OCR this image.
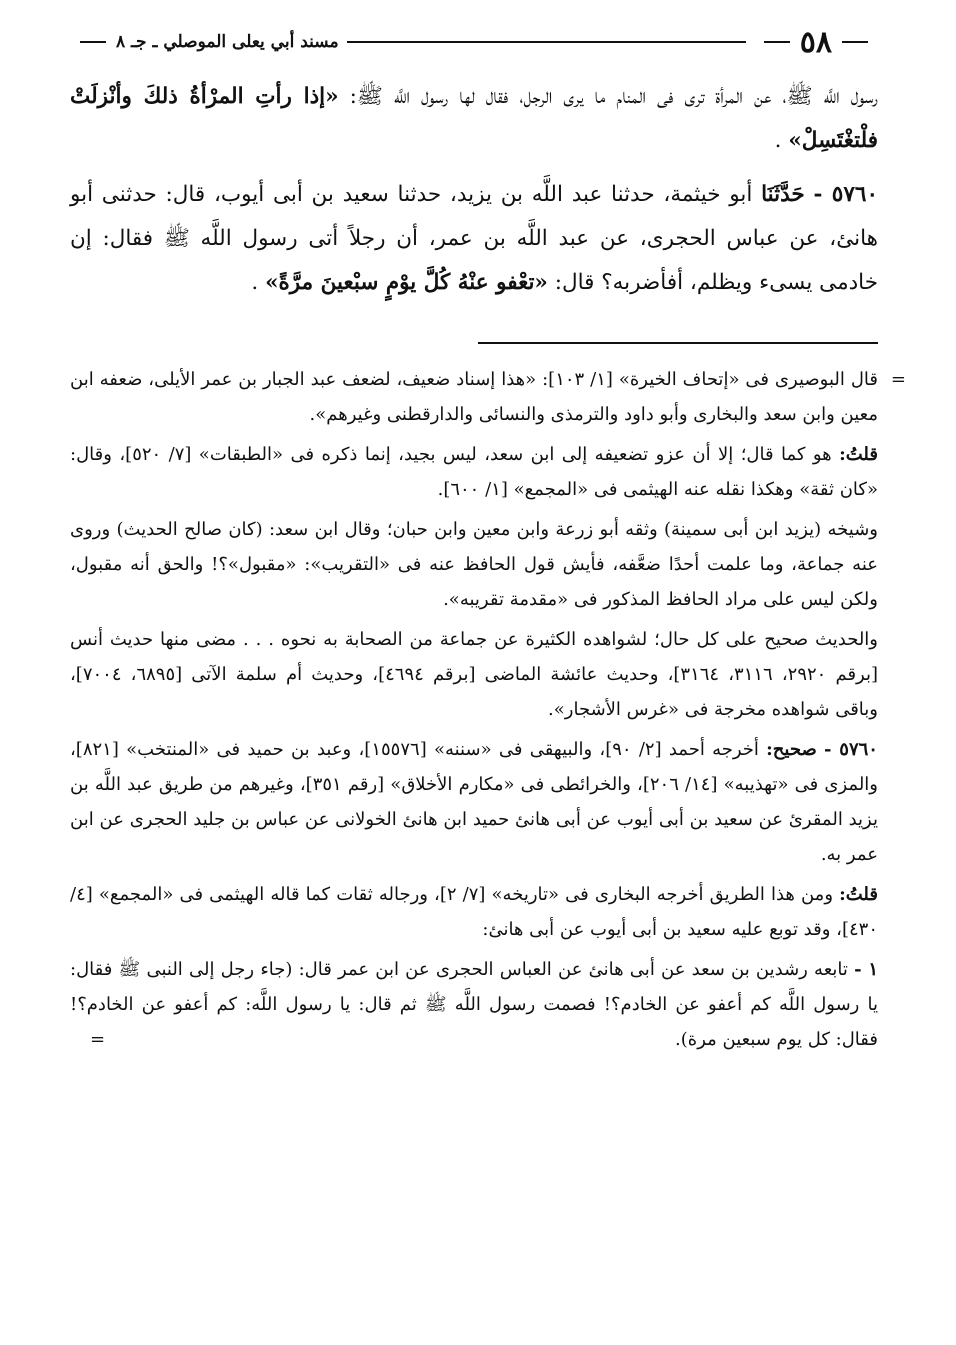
٥٨
مسند أبي يعلى الموصلي ـ جـ ٨

رسول اللَّه ﷺ، عن المرأة ترى فى المنام ما يرى الرجل، فقال لها رسول اللَّه ﷺ: «إذا رأتِ المرْأةُ ذلكَ وأنْزلَتْ فلْتغْتَسِلْ» .

٥٧٦٠ - حَدَّثَنَا أبو خيثمة، حدثنا عبد اللَّه بن يزيد، حدثنا سعيد بن أبى أيوب، قال: حدثنى أبو هانئ، عن عباس الحجرى، عن عبد اللَّه بن عمر، أن رجلاً أتى رسول اللَّه ﷺ فقال: إن خادمى يسىء ويظلم، أفأضربه؟ قال: «تعْفو عنْهُ كُلَّ يوْمٍ سبْعينَ مرَّةً» .

=
قال البوصيرى فى «إتحاف الخيرة» [١/ ١٠٣]: «هذا إسناد ضعيف، لضعف عبد الجبار بن عمر الأيلى، ضعفه ابن معين وابن سعد والبخارى وأبو داود والترمذى والنسائى والدارقطنى وغيرهم».

قلتُ: هو كما قال؛ إلا أن عزو تضعيفه إلى ابن سعد، ليس بجيد، إنما ذكره فى «الطبقات» [٧/ ٥٢٠]، وقال: «كان ثقة» وهكذا نقله عنه الهيثمى فى «المجمع» [١/ ٦٠٠].

وشيخه (يزيد ابن أبى سمينة) وثقه أبو زرعة وابن معين وابن حبان؛ وقال ابن سعد: (كان صالح الحديث) وروى عنه جماعة، وما علمت أحدًا ضعَّفه، فأيش قول الحافظ عنه فى «التقريب»: «مقبول»؟! والحق أنه مقبول، ولكن ليس على مراد الحافظ المذكور فى «مقدمة تقريبه».

والحديث صحيح على كل حال؛ لشواهده الكثيرة عن جماعة من الصحابة به نحوه . . . مضى منها حديث أنس [برقم ٢٩٢٠، ٣١١٦، ٣١٦٤]، وحديث عائشة الماضى [برقم ٤٦٩٤]، وحديث أم سلمة الآتى [٦٨٩٥، ٧٠٠٤]، وباقى شواهده مخرجة فى «غرس الأشجار».

٥٧٦٠ - صحيح: أخرجه أحمد [٢/ ٩٠]، والبيهقى فى «سننه» [١٥٥٧٦]، وعبد بن حميد فى «المنتخب» [٨٢١]، والمزى فى «تهذيبه» [١٤/ ٢٠٦]، والخرائطى فى «مكارم الأخلاق» [رقم ٣٥١]، وغيرهم من طريق عبد اللَّه بن يزيد المقرئ عن سعيد بن أبى أيوب عن أبى هانئ حميد ابن هانئ الخولانى عن عباس بن جليد الحجرى عن ابن عمر به.

قلتُ: ومن هذا الطريق أخرجه البخارى فى «تاريخه» [٧/ ٢]، ورجاله ثقات كما قاله الهيثمى فى «المجمع» [٤/ ٤٣٠]، وقد توبع عليه سعيد بن أبى أيوب عن أبى هانئ:

١ - تابعه رشدين بن سعد عن أبى هانئ عن العباس الحجرى عن ابن عمر قال: (جاء رجل إلى النبى ﷺ فقال: يا رسول اللَّه كم أعفو عن الخادم؟! فصمت رسول اللَّه ﷺ ثم قال: يا رسول اللَّه: كم أعفو عن الخادم؟! فقال: كل يوم سبعين مرة).
=
